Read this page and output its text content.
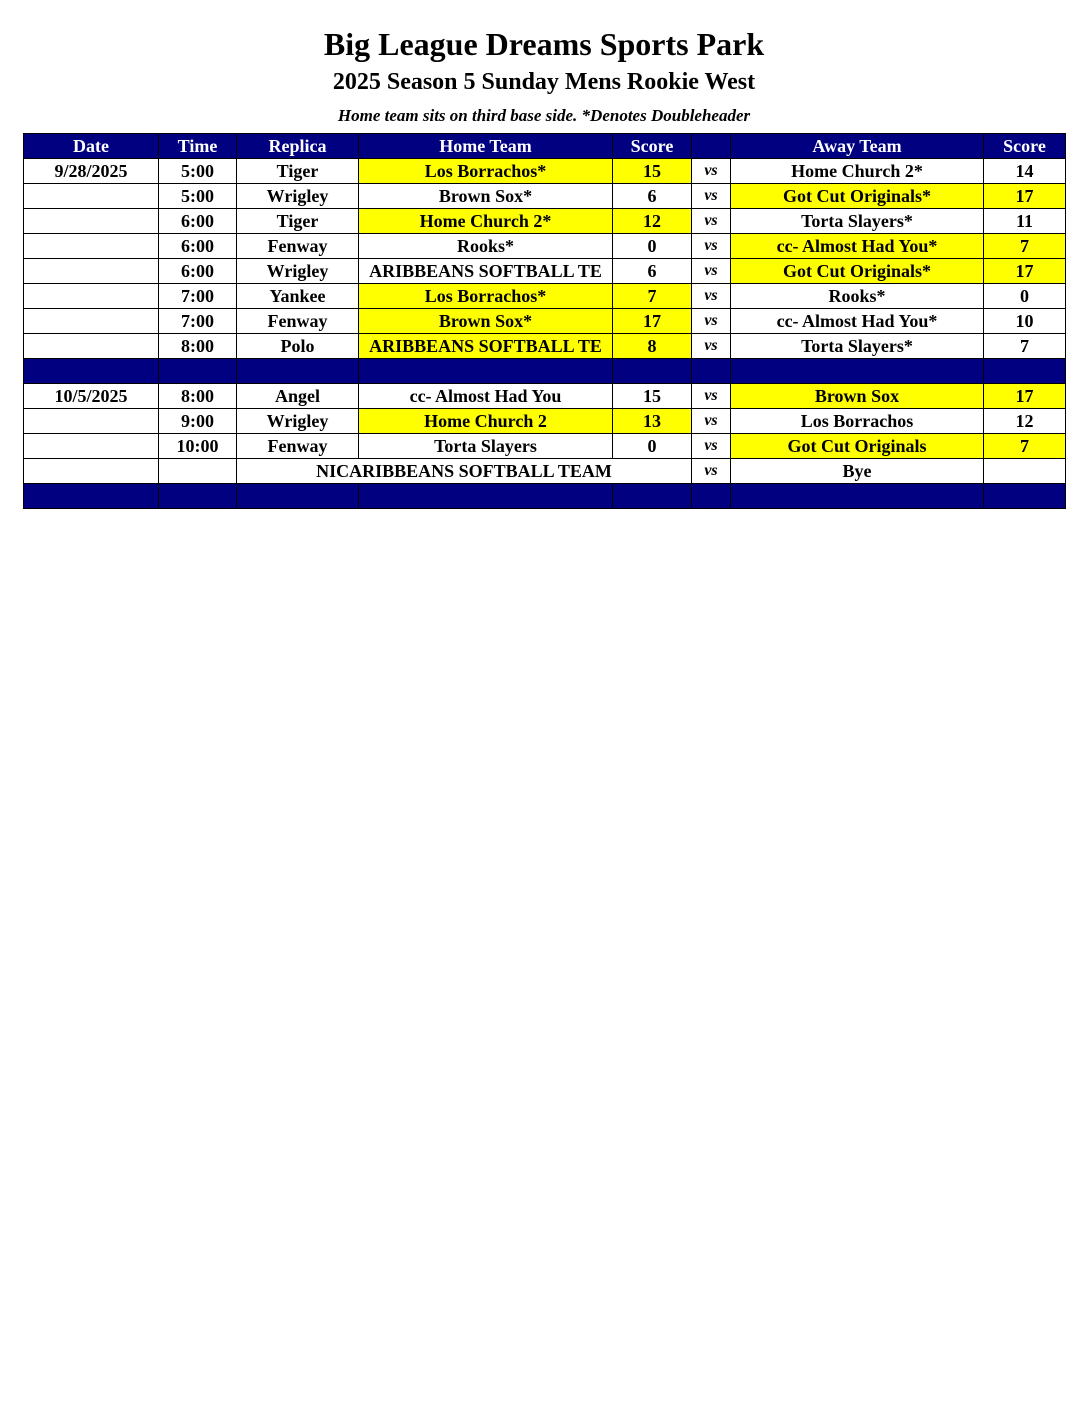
Big League Dreams Sports Park
2025 Season 5 Sunday Mens Rookie West
Home team sits on third base side. *Denotes Doubleheader
Date	Time	Replica	Home Team	Score		Away Team	Score
9/28/2025	5:00	Tiger	Los Borrachos*	15	vs	Home Church 2*	14
	5:00	Wrigley	Brown Sox*	6	vs	Got Cut Originals*	17
	6:00	Tiger	Home Church 2*	12	vs	Torta Slayers*	11
	6:00	Fenway	Rooks*	0	vs	cc- Almost Had You*	7
	6:00	Wrigley	ARIBBEANS SOFTBALL TE	6	vs	Got Cut Originals*	17
	7:00	Yankee	Los Borrachos*	7	vs	Rooks*	0
	7:00	Fenway	Brown Sox*	17	vs	cc- Almost Had You*	10
	8:00	Polo	ARIBBEANS SOFTBALL TE	8	vs	Torta Slayers*	7

10/5/2025	8:00	Angel	cc- Almost Had You	15	vs	Brown Sox	17
	9:00	Wrigley	Home Church 2	13	vs	Los Borrachos	12
	10:00	Fenway	Torta Slayers	0	vs	Got Cut Originals	7
		NICARIBBEANS SOFTBALL TEAM			vs	Bye	
